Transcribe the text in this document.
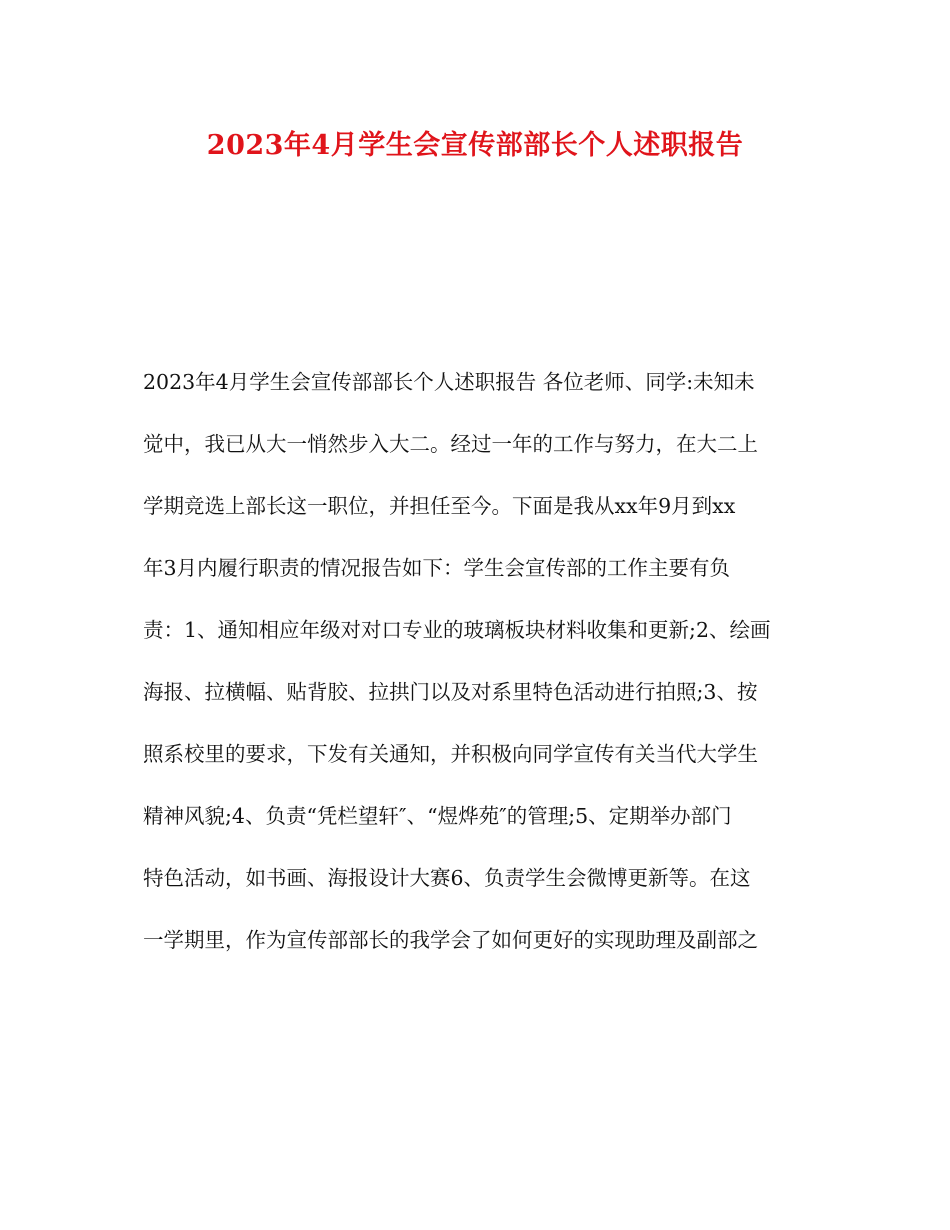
2023年4月学生会宣传部部长个人述职报告
2023年4月学生会宣传部部长个人述职报告 各位老师、同学:未知未
觉中，我已从大一悄然步入大二。经过一年的工作与努力，在大二上
学期竞选上部长这一职位，并担任至今。下面是我从xx年9月到xx
年3月内履行职责的情况报告如下：学生会宣传部的工作主要有负
责：1、通知相应年级对对口专业的玻璃板块材料收集和更新;2、绘画
海报、拉横幅、贴背胶、拉拱门以及对系里特色活动进行拍照;3、按
照系校里的要求，下发有关通知，并积极向同学宣传有关当代大学生
精神风貌;4、负责“凭栏望轩″、“煜烨苑″的管理;5、定期举办部门
特色活动，如书画、海报设计大赛6、负责学生会微博更新等。在这
一学期里，作为宣传部部长的我学会了如何更好的实现助理及副部之
